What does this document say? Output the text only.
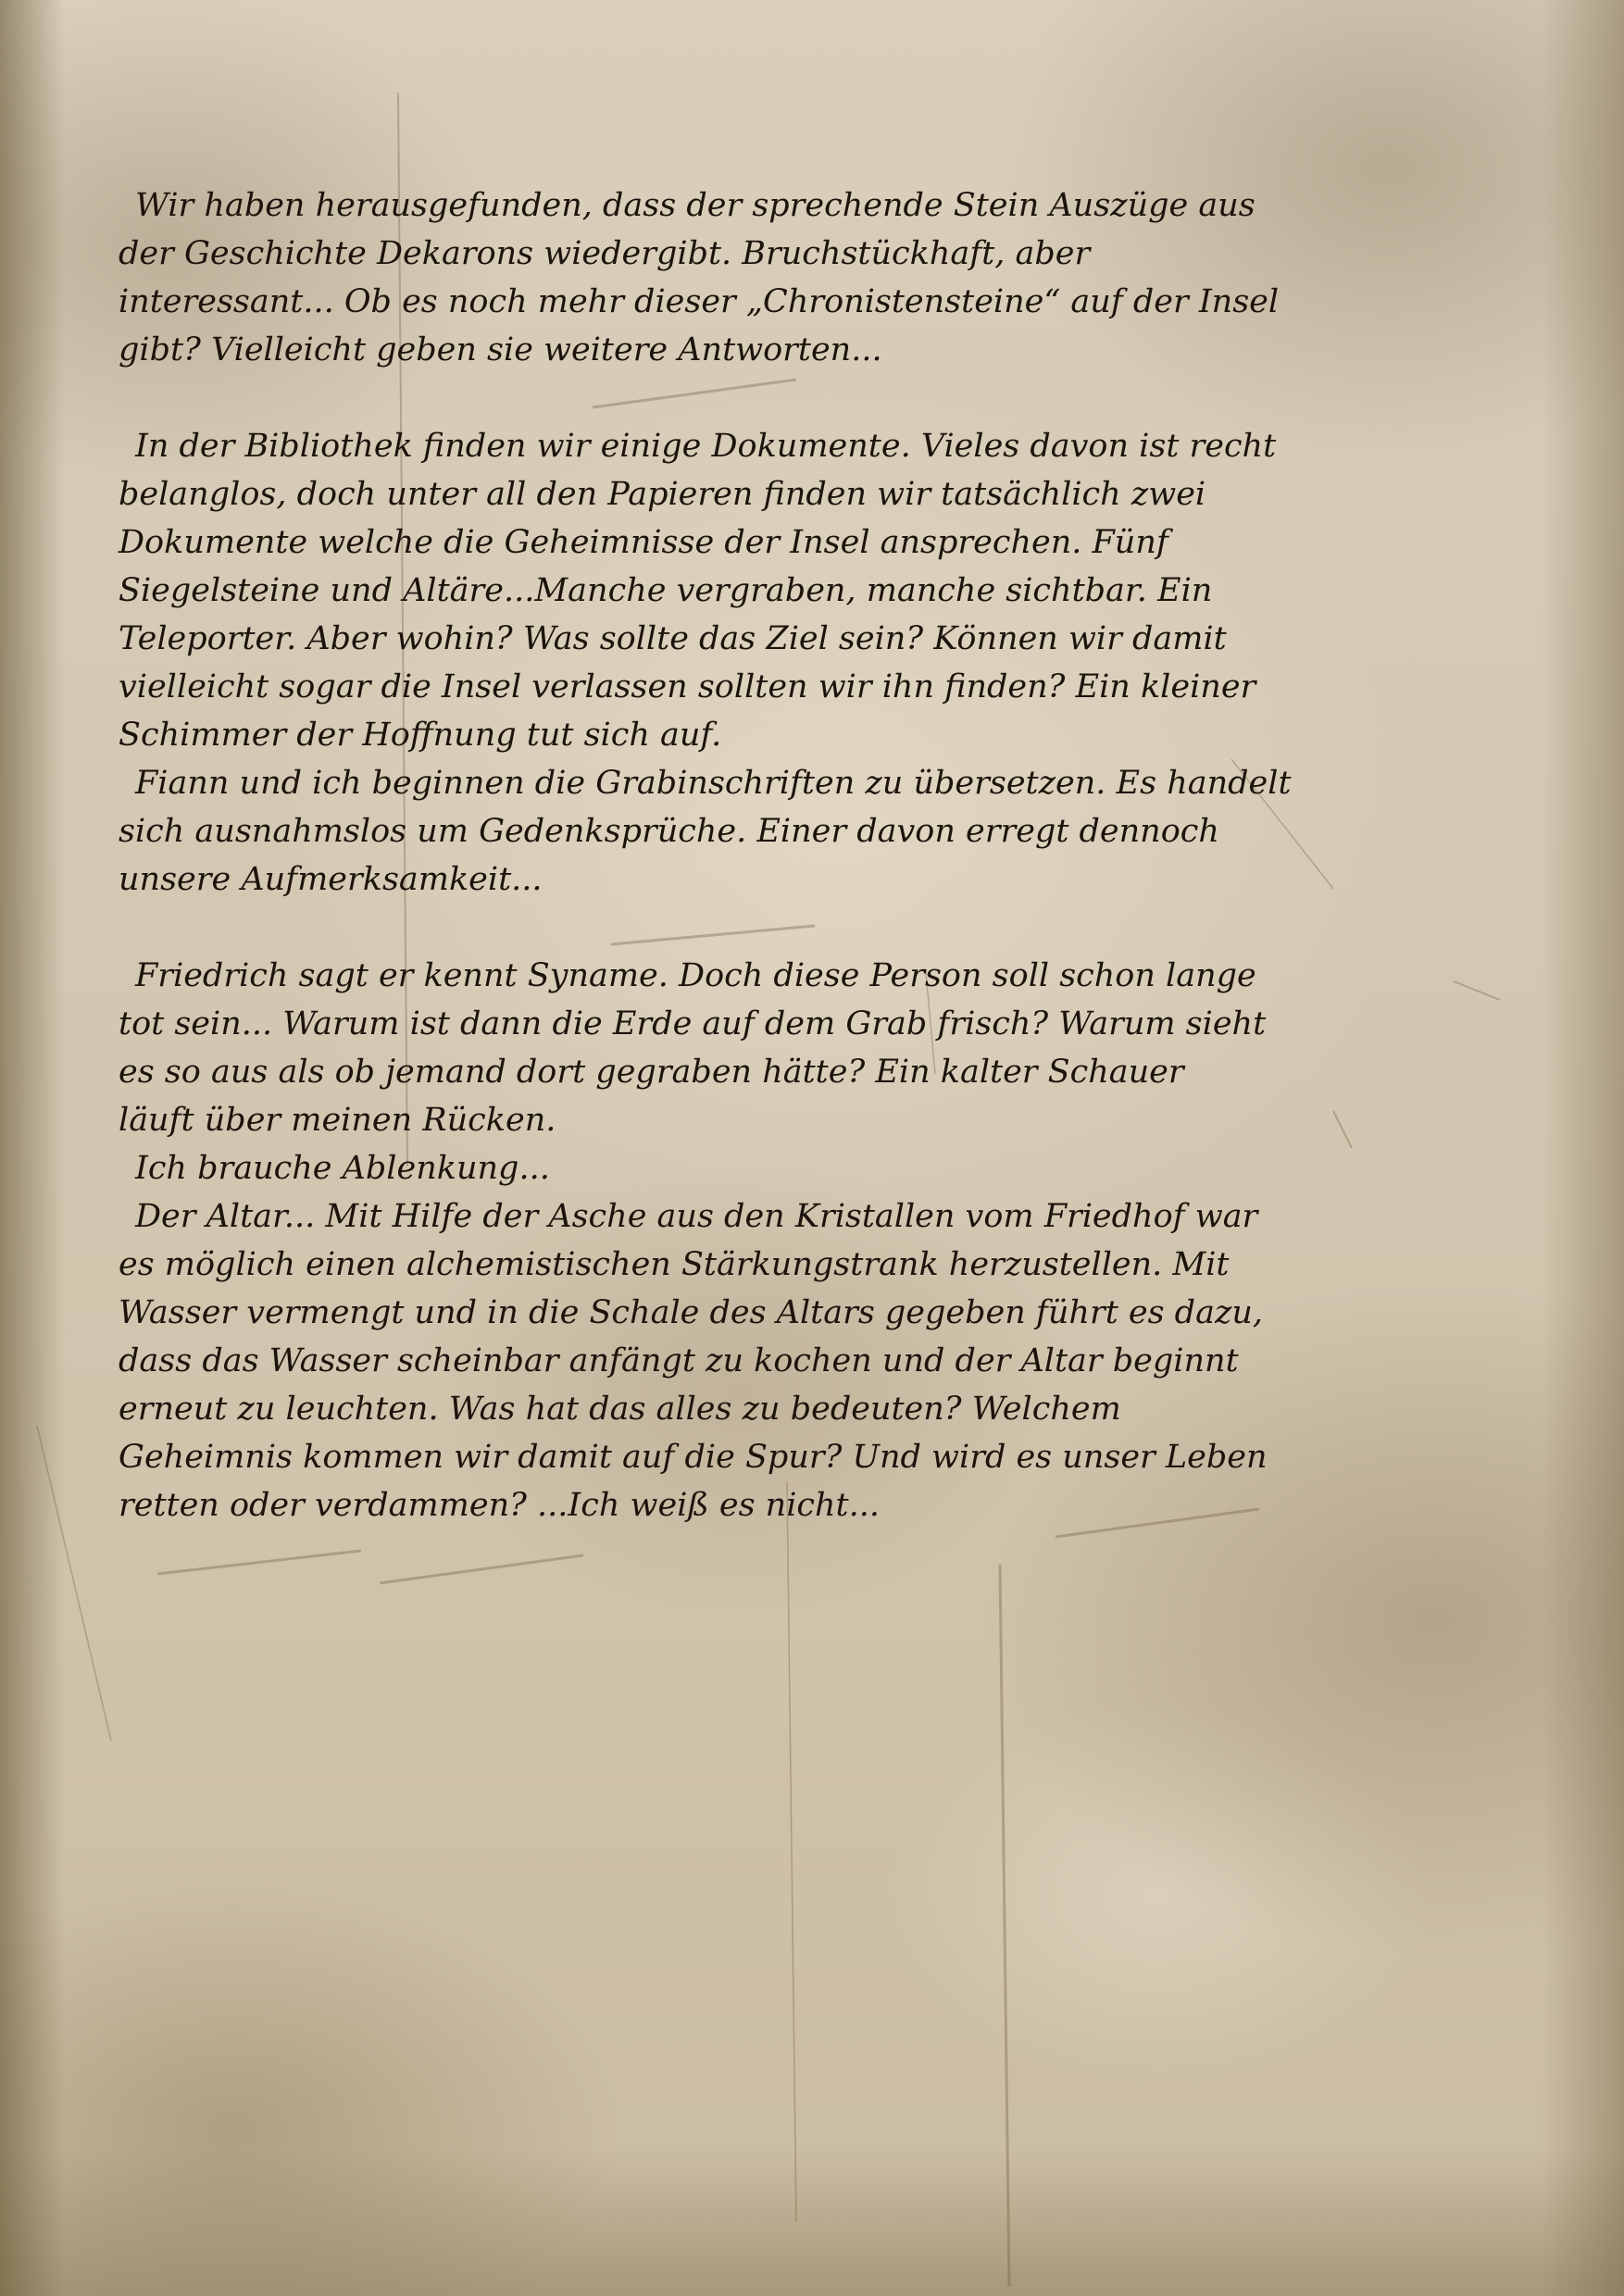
Wir haben herausgefunden, dass der sprechende Stein Auszüge aus
der Geschichte Dekarons wiedergibt. Bruchstückhaft, aber
interessant... Ob es noch mehr dieser „Chronistensteine“ auf der Insel
gibt? Vielleicht geben sie weitere Antworten...

In der Bibliothek finden wir einige Dokumente. Vieles davon ist recht
belanglos, doch unter all den Papieren finden wir tatsächlich zwei
Dokumente welche die Geheimnisse der Insel ansprechen. Fünf
Siegelsteine und Altäre...Manche vergraben, manche sichtbar. Ein
Teleporter. Aber wohin? Was sollte das Ziel sein? Können wir damit
vielleicht sogar die Insel verlassen sollten wir ihn finden? Ein kleiner
Schimmer der Hoffnung tut sich auf.

Fiann und ich beginnen die Grabinschriften zu übersetzen. Es handelt
sich ausnahmslos um Gedenksprüche. Einer davon erregt dennoch
unsere Aufmerksamkeit...

Friedrich sagt er kennt Syname. Doch diese Person soll schon lange
tot sein... Warum ist dann die Erde auf dem Grab frisch? Warum sieht
es so aus als ob jemand dort gegraben hätte? Ein kalter Schauer
läuft über meinen Rücken.

Ich brauche Ablenkung...

Der Altar... Mit Hilfe der Asche aus den Kristallen vom Friedhof war
es möglich einen alchemistischen Stärkungstrank herzustellen. Mit
Wasser vermengt und in die Schale des Altars gegeben führt es dazu,
dass das Wasser scheinbar anfängt zu kochen und der Altar beginnt
erneut zu leuchten. Was hat das alles zu bedeuten? Welchem
Geheimnis kommen wir damit auf die Spur? Und wird es unser Leben
retten oder verdammen? ...Ich weiß es nicht...
